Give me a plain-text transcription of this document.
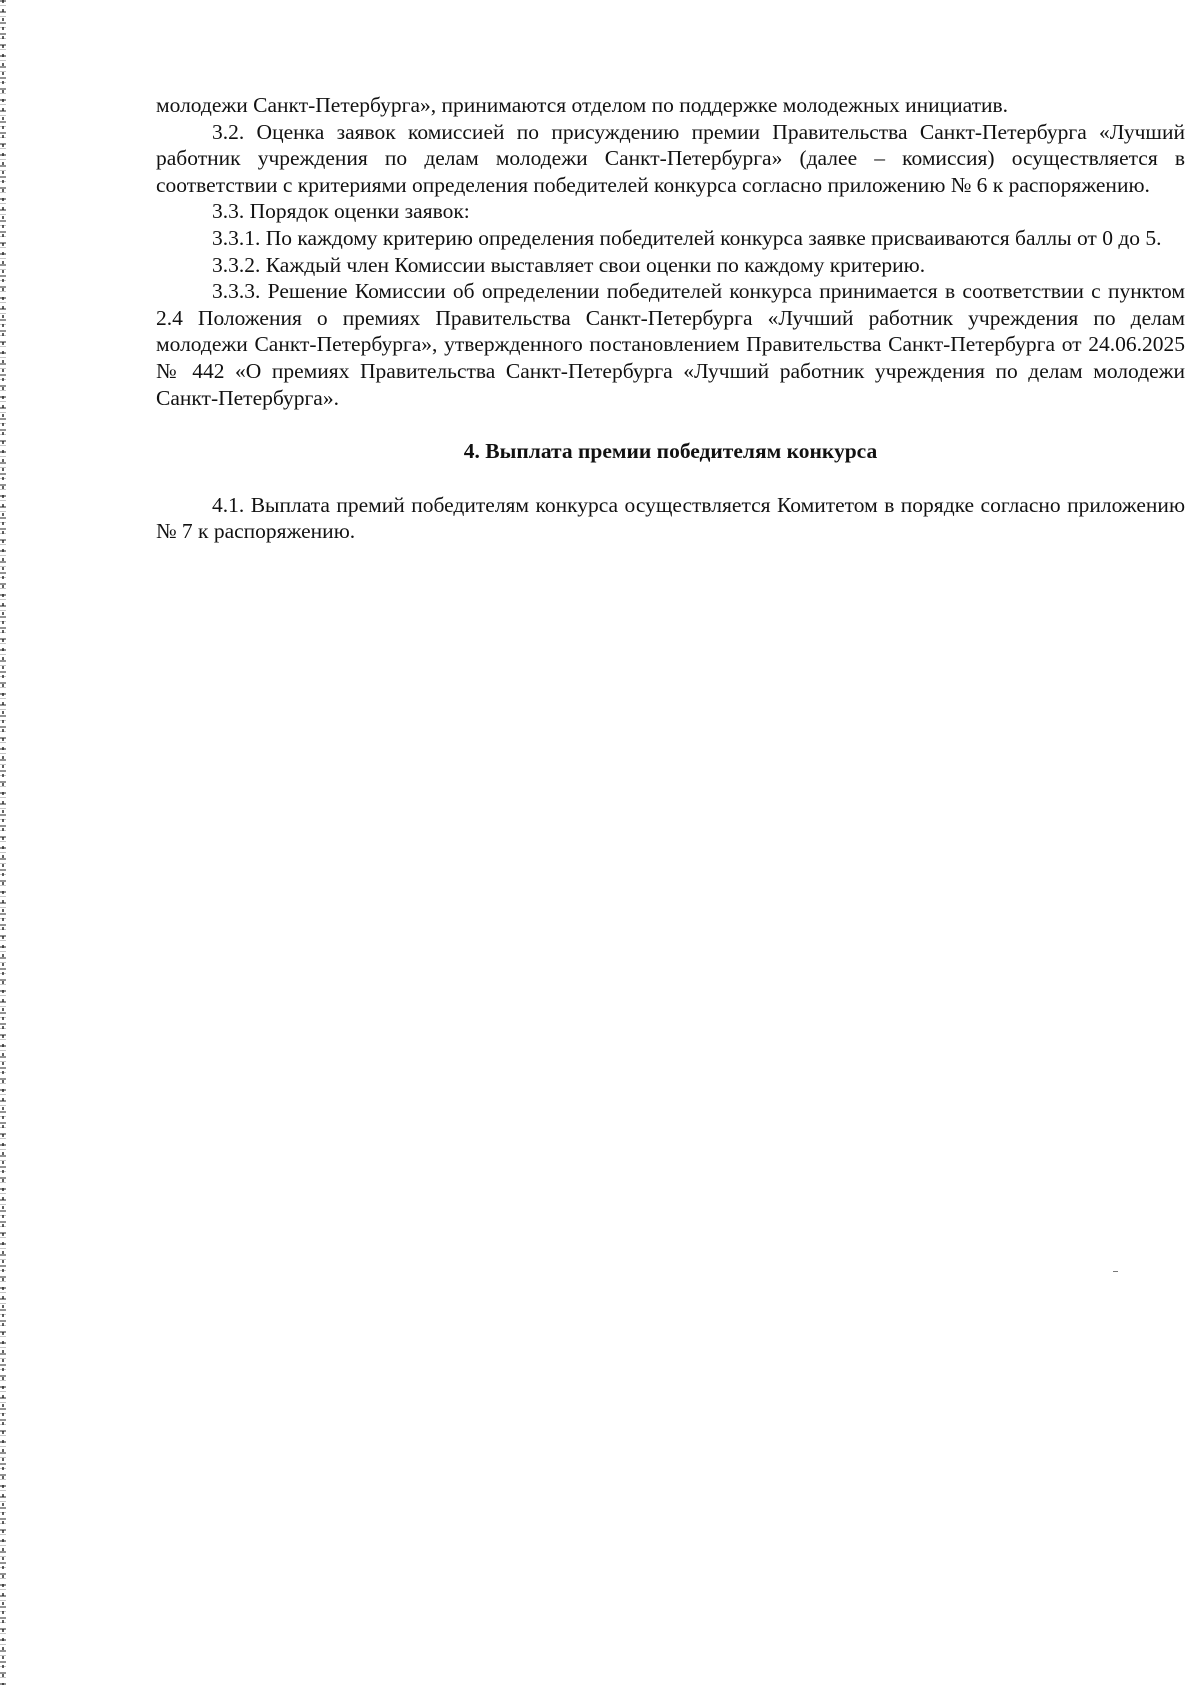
молодежи Санкт-Петербурга», принимаются отделом по поддержке молодежных инициатив.

3.2. Оценка заявок комиссией по присуждению премии Правительства Санкт-Петербурга «Лучший работник учреждения по делам молодежи Санкт-Петербурга» (далее – комиссия) осуществляется в соответствии с критериями определения победителей конкурса согласно приложению № 6 к распоряжению.

3.3. Порядок оценки заявок:

3.3.1. По каждому критерию определения победителей конкурса заявке присваиваются баллы от 0 до 5.

3.3.2. Каждый член Комиссии выставляет свои оценки по каждому критерию.

3.3.3. Решение Комиссии об определении победителей конкурса принимается в соответствии с пунктом 2.4 Положения о премиях Правительства Санкт-Петербурга «Лучший работник учреждения по делам молодежи Санкт-Петербурга», утвержденного постановлением Правительства Санкт-Петербурга от 24.06.2025 № 442 «О премиях Правительства Санкт-Петербурга «Лучший работник учреждения по делам молодежи Санкт-Петербурга».

4. Выплата премии победителям конкурса

4.1. Выплата премий победителям конкурса осуществляется Комитетом в порядке согласно приложению № 7 к распоряжению.
